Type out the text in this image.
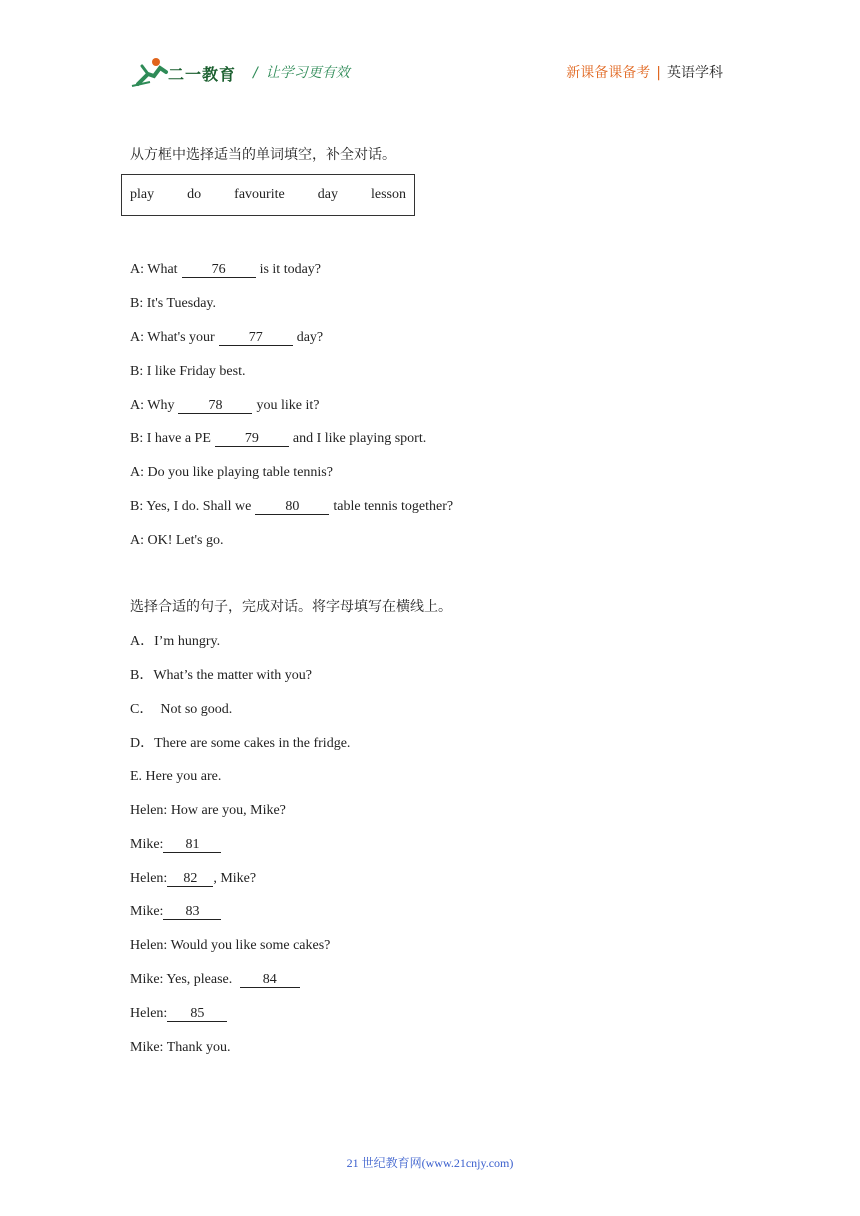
二一教育 / 让学习更有效	新课备课备考 | 英语学科
从方框中选择适当的单词填空，补全对话。
play do favourite day lesson
A: What 76 is it today?
B: It's Tuesday.
A: What's your 77 day?
B: I like Friday best.
A: Why 78 you like it?
B: I have a PE 79 and I like playing sport.
A: Do you like playing table tennis?
B: Yes, I do. Shall we 80 table tennis together?
A: OK! Let's go.
选择合适的句子，完成对话。将字母填写在横线上。
A．I’m hungry.
B．What’s the matter with you?
C．  Not so good.
D．There are some cakes in the fridge.
E. Here you are.
Helen: How are you, Mike?
Mike: 81
Helen: 82 , Mike?
Mike: 83
Helen: Would you like some cakes?
Mike: Yes, please. 84
Helen: 85
Mike: Thank you.
21 世纪教育网(www.21cnjy.com)
